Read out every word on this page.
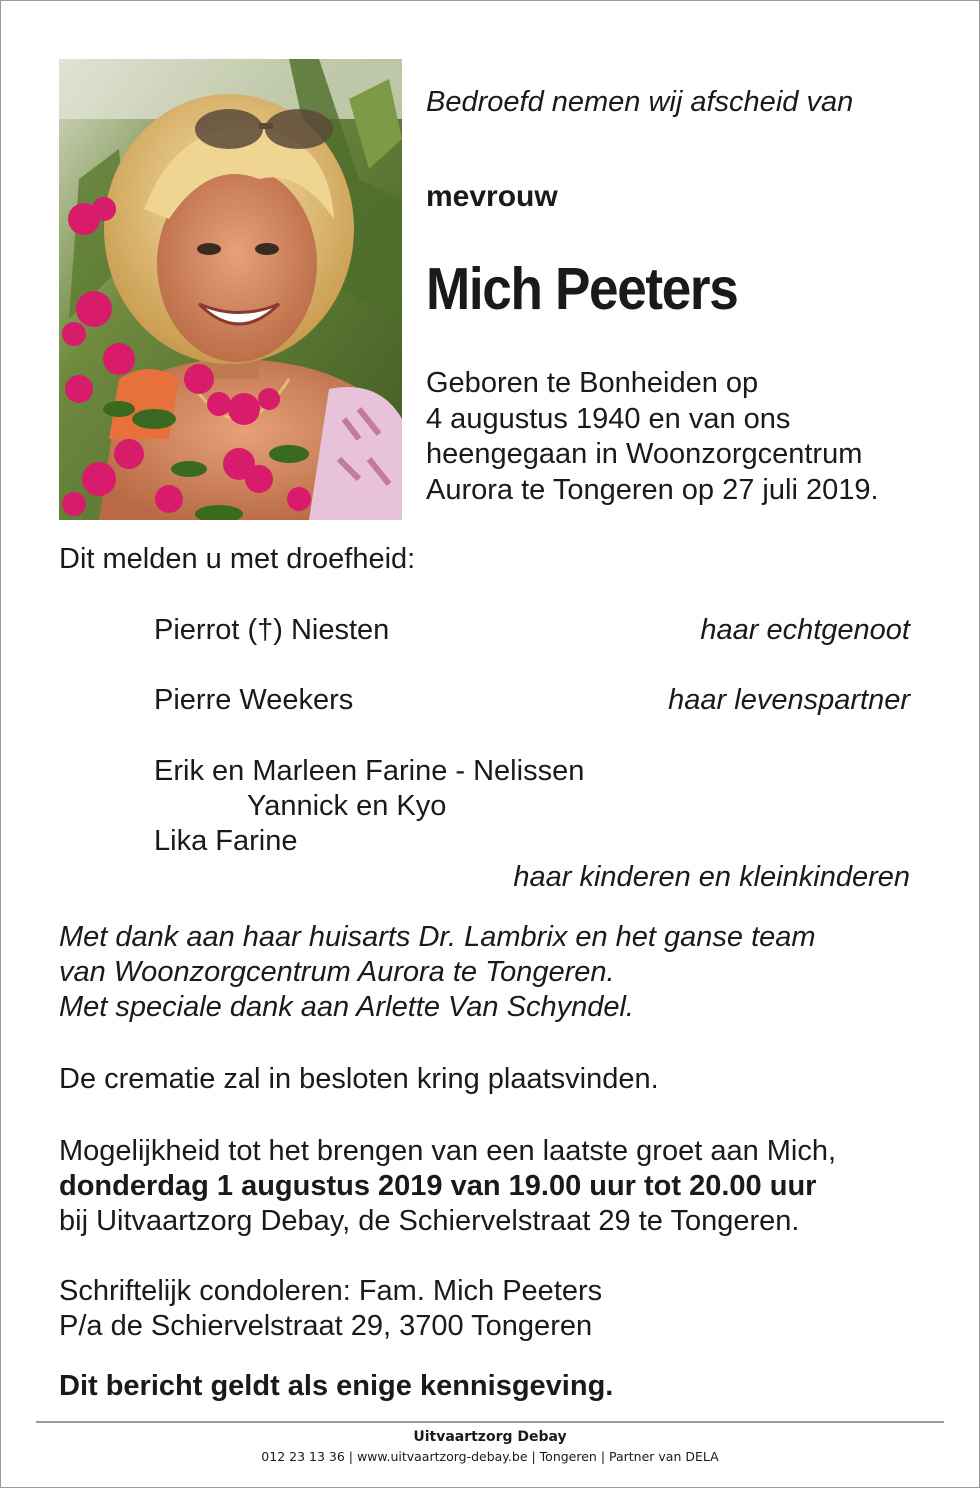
Bedroefd nemen wij afscheid van
mevrouw
Mich Peeters
Geboren te Bonheiden op
4 augustus 1940 en van ons
heengegaan in Woonzorgcentrum
Aurora te Tongeren op 27 juli 2019.
Dit melden u met droefheid:
Pierrot (†) Niesten	haar echtgenoot
Pierre Weekers	haar levenspartner
Erik en Marleen Farine - Nelissen
Yannick en Kyo
Lika Farine
haar kinderen en kleinkinderen
Met dank aan haar huisarts Dr. Lambrix en het ganse team
van Woonzorgcentrum Aurora te Tongeren.
Met speciale dank aan Arlette Van Schyndel.
De crematie zal in besloten kring plaatsvinden.
Mogelijkheid tot het brengen van een laatste groet aan Mich,
donderdag 1 augustus 2019 van 19.00 uur tot 20.00 uur
bij Uitvaartzorg Debay, de Schiervelstraat 29 te Tongeren.
Schriftelijk condoleren: Fam. Mich Peeters
P/a de Schiervelstraat 29, 3700 Tongeren
Dit bericht geldt als enige kennisgeving.
Uitvaartzorg Debay
012 23 13 36 | www.uitvaartzorg-debay.be | Tongeren | Partner van DELA
